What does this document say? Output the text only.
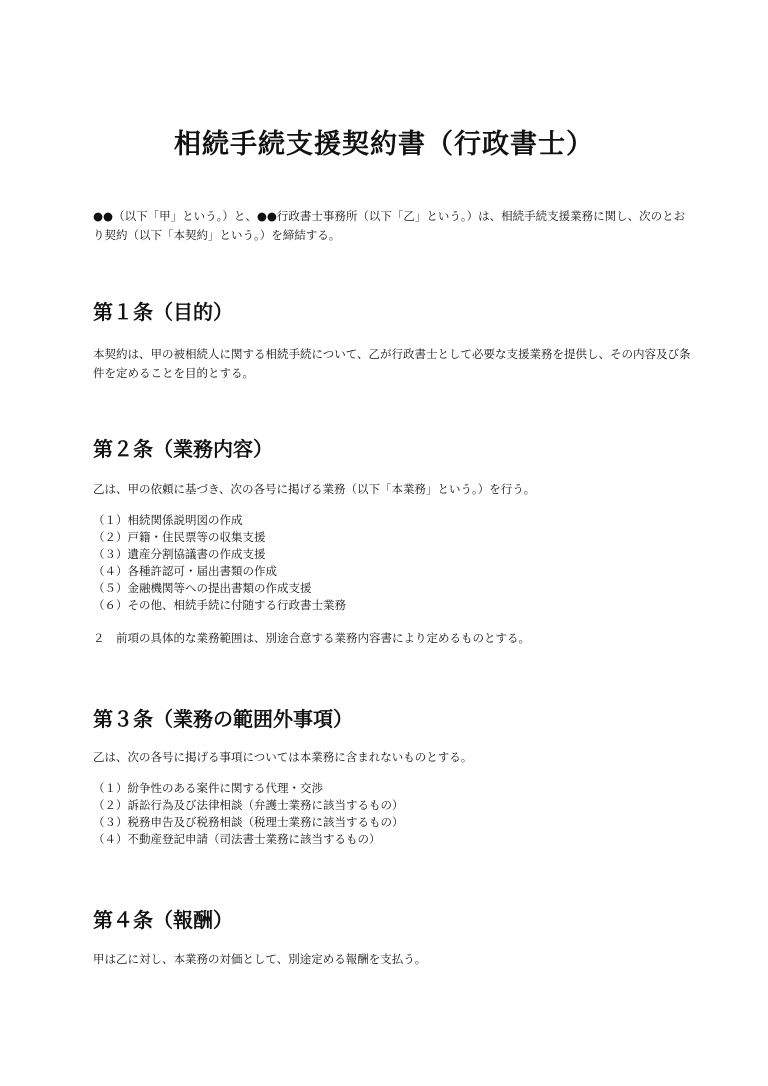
相続手続支援契約書（行政書士）

●●（以下「甲」という。）と、●●行政書士事務所（以下「乙」という。）は、相続手続支援業務に関し、次のとおり契約（以下「本契約」という。）を締結する。

第１条（目的）

本契約は、甲の被相続人に関する相続手続について、乙が行政書士として必要な支援業務を提供し、その内容及び条件を定めることを目的とする。

第２条（業務内容）

乙は、甲の依頼に基づき、次の各号に掲げる業務（以下「本業務」という。）を行う。

（１）相続関係説明図の作成
（２）戸籍・住民票等の収集支援
（３）遺産分割協議書の作成支援
（４）各種許認可・届出書類の作成
（５）金融機関等への提出書類の作成支援
（６）その他、相続手続に付随する行政書士業務

２　前項の具体的な業務範囲は、別途合意する業務内容書により定めるものとする。

第３条（業務の範囲外事項）

乙は、次の各号に掲げる事項については本業務に含まれないものとする。

（１）紛争性のある案件に関する代理・交渉
（２）訴訟行為及び法律相談（弁護士業務に該当するもの）
（３）税務申告及び税務相談（税理士業務に該当するもの）
（４）不動産登記申請（司法書士業務に該当するもの）
第４条（報酬）

甲は乙に対し、本業務の対価として、別途定める報酬を支払う。
